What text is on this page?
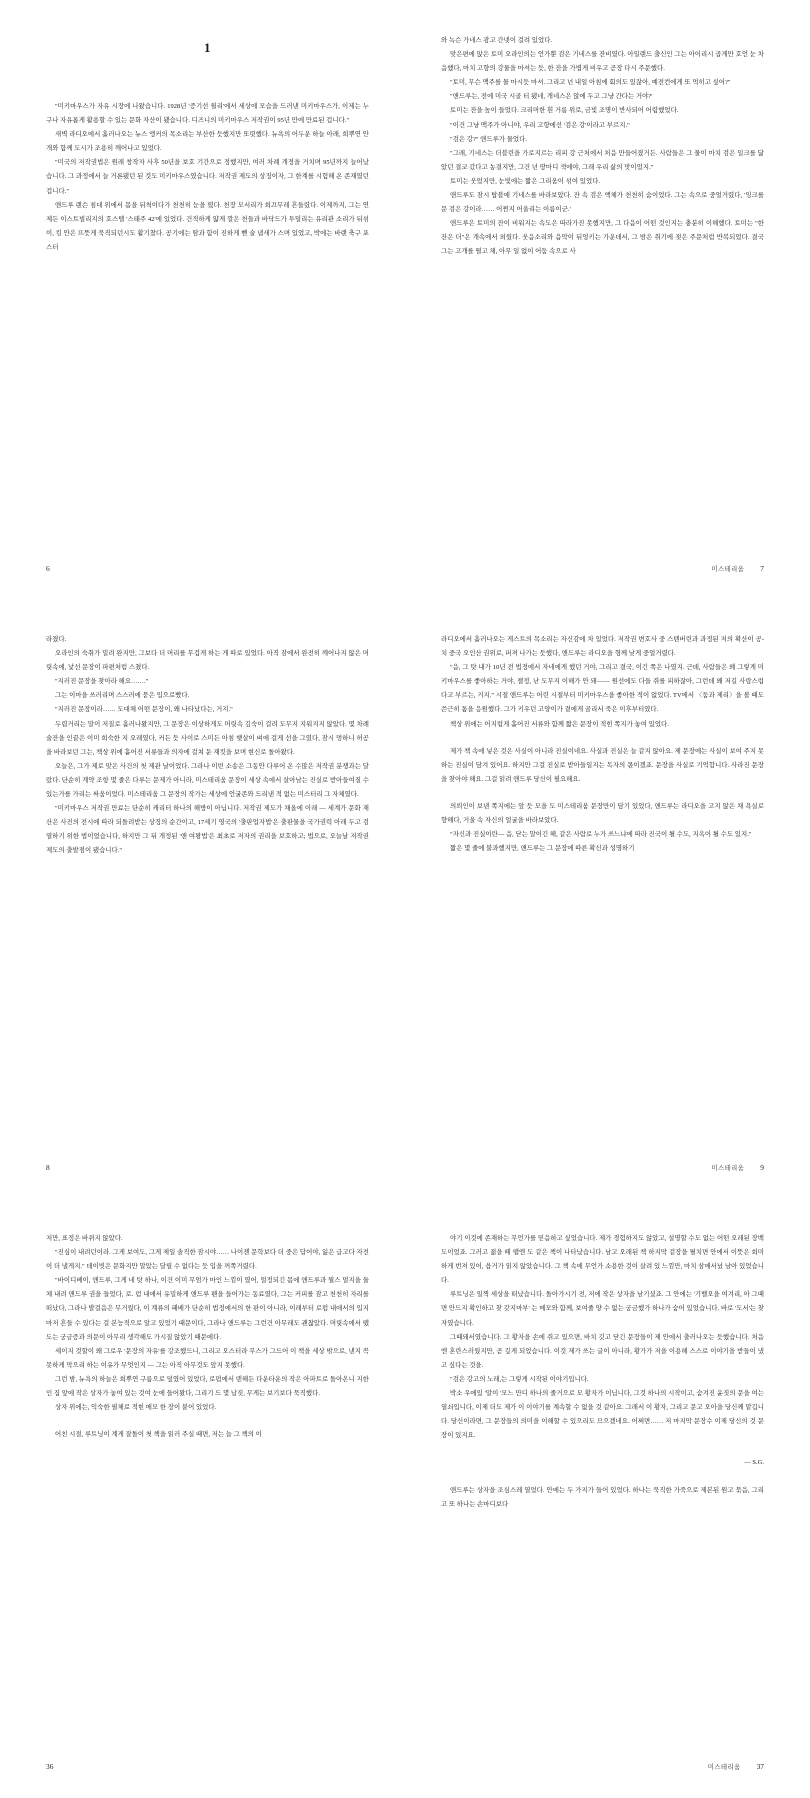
1

"미키마우스가 자유 시장에 나왔습니다. 1928년 '증기선 윌리'에서 세상에 모습을 드러낸 미키마우스가, 이제는 누구나 자유롭게 활용할 수 있는 문화 자산이 됐습니다. 디즈니의 미키마우스 저작권이 95년 만에 만료된 겁니다."

새벽 라디오에서 흘러나오는 뉴스 앵커의 목소리는 부산한 듯했지만 또렷했다. 뉴욕의 어두운 하늘 아래, 희뿌연 안개와 함께 도시가 조용히 깨어나고 있었다.

"미국의 저작권법은 원래 창작자 사후 50년을 보호 기간으로 정했지만, 여러 차례 개정을 거치며 95년까지 늘어났습니다. 그 과정에서 늘 거론됐던 된 것도 미키마우스였습니다. 저작권 제도의 상징이자, 그 한계를 시험해 온 존재였던 겁니다."

앤드루 랜슨 침대 위에서 몸을 뒤척이다가 천천히 눈을 떴다. 천장 모서리가 희끄무레 흔들렸다. 이제까지, 그는 연제든 이스트빌리지의 호스텔 '스태주 42'에 있었다. 건적하게 얇게 깔은 천들과 바닥드가 투덜리는 유리관 소리가 뒤섞이, 킴 안은 뜨뜻게 묵직되던시도 활기찼다. 공기에는 땀과 함이 진하게 뺀 술 냄새가 스며 있었고, 박에는 바랜 축구 포스터

6

와 녹슨 가네스 광고 간넷이 걸려 있었다.

맞은편에 앉은 토미 오라인의는 언가뿐 검은 기네스를 잔비였다. 아일랜드 출신인 그는 아이리시 곱게만 호언 눈 차음했다, 마치 고향의 강물을 마셔는 듯, 한 잔을 가볍게 비우고 곧장 다시 주문했다.

"토미, 무슨 맥주를 물 마시듯 마셔. 그리고 넌 내일 아침에 회의도 있잖아, 예전컨에게 또 먹히고 싶어?"

"앤드루는, 전에 미국 시골 터 됐네, 개네스은 앉에 두고 그냥 간다는 거야?'

토미는 잔을 높이 들었다. 크리머한 흰 거름 위로, 금빛 조명이 반사되어 어렴했었다.

"이건 그냥 맥주가 아니야, 우리 고향에선 '검은 강'이라고 부르지."

"검은 강?" 앤드루가 물었다.

"그래, 기네스는 더블린을 가로지르는 리피 강 근처에서 처음 만들어졌거든. 사람들은 그 물이 마치 검은 일크를 닮았던 결코 갔다고 농결지만, 그건 넌 땅마디 색에야, 그래 우리 삶의 맛이었지."

토미는 웃었지만, 눈빛에는 짧은 그리움이 섞여 있었다.

앤드루도 잠시 탑블에 기네스를 바라보았다. 잔 속 검은 액체가 천천히 숨이었다. 그는 속으로 중얼거렸다, '잉크를 문 검은 강이라…… 어쩐지 어울리는 이름이군.'

앤드루은 토미의 잔이 비워지는 속도은 따라가진 못했지만, 그 다음이 어떤 것인지는 충분히 이해했다. 토미는 "한 잔은 더"은 개속에서 외웠다. 웃음소리와 음악이 뒤엉키는 가운데서, 그 밤은 취기에 젖은 주문처럼 반복되었다. 결국 그는 고개를 떨고 채, 아무 일 없이 어둠 속으로 사

미스테리움 7

라졌다.

오라인의 숙취가 밀려 완지만, 그보다 더 머리를 무겁게 하는 게 따로 있었다. 아직 잠에서 완전히 깨어나지 않은 머릿속에, 낯선 문장이 파편처럼 스쳤다.

"지러진 문장을 찾아라 해요……."

그는 이마을 쓰러리며 스스러에 묻은 입으로빴다.

"지러진 문장이라…… 도대체 어떤 문장이, 왜 나타났다는, 거지."

두렵거리는 말이 저질로 흘러나왔지만, 그 문장은 이상하게도 머릿속 깊숙이 걸려 도무지 지워지지 않았다. 몇 차례 술잔을 인끝은 이미 희숙한 지 오래였다, 커든 듯 사이로 스미든 아침 햇살이 벼에 걸게 선을 그였다, 잠시 멍하니 허공을 바라보던 그는, 책상 위에 흩어진 서류들과 의자에 걸쳐 둔 재킷을 보며 현신로 돌아왔다.

오늘은, 그가 제로 맞은 사건의 첫 제관 날이었다. 그라나 이빈 소송은 그동안 다루어 온 수많은 저작권 분쟁과는 달랐다. 단순히 계약 조항 몇 줄은 다루는 문제가 아니라, 미스테리움 문장이 세상 속에서 살아남는 진실로 받아들여질 수 있는가를 가리는 싸움이었다. 미스테리움 그 문장의 작가는 세상에 언굴존와 드리낸 적 없는 미스터리 그 자체였다.

"미키마우스 저작권 만료는 단순히 캐리터 하나의 해방이 아닙니다. 저작권 제도가 채올에 이래 — 세계가 문화 재산은 사진의 전시에 따라 되돌려받는 상징의 순간이고, 17세기 영국의 '출판업자법'은 출판물을 국가권력 아래 두고 검열하기 위한 법이었습니다, 하지만 그 뒤 개정된 '앤 여왕법'은 최초로 저자의 권리을 보호하고; 법으로, 오늘날 저작권 제도의 출발점이 됐습니다."

8

라디오에서 흘러나오는 게스트의 목소리는 자신감에 차 있었다. 저작권 변호사 중 스탠버린과 과정된 저의 확산이 공-치 중국 오인산 권위로, 퍼져 나가는 듯했다, 앤드루는 라디오을 형께 낮게 중얼거렸다.

"음, 그 탓 내가 10년 전 법정에서 자네에게 했던 거야, 그리고 결국, 이긴 쪽은 나였지. 근데, 사람들은 왜 그렇게 미키마우스를 좋아하는 거야, 젤정, 난 도무지 이해가 안 돼—— 원선에도 다들 쥐를 피하잖아, 그런데 왜 저길 사랑스럽다고 부르는, 거지." 시절 앤드루는 어린 시절부터 미키마우스을 좋아한 적이 없었다. TV에서 〈둠과 제리〉을 볼 때도 쓴근히 톰을 응원했다. 그가 키우던 고양이가 곁에게 골리서 죽은 이후부터였다.

책상 위에는 어지럽게 흩어진 서류와 함께 짧은 문장이 적힌 쪽지가 놓여 있었다.

제가 책 속에 넣은 것은 사실이 아니라 진실이네요. 사실과 진실은 늘 같지 않아요. 제 문장에는 사실이 보여 주지 못하는 진실이 담겨 있어요. 하지만 그걸 진실로 받아들일지는 독자의 몫이겠죠. 문장을 사실로 기억합니다. 사라진 문장을 찾아야 해요. 그걸 읽려 앤드루 당신이 필요해요.

의뢰인이 보낸 쪽지에는 앞 듯 모을 도 미스테리움 문장만이 담기 있었다, 앤드루는 라디오을 고지 않은 채 욕실로 향해다, 거울 속 자신의 얼굴을 바라보았다.

"자신과 진실이란— 음, 닫는 말이긴 해, 같은 사람로 누가 쓰느냐에 따라 진국이 될 수도, 지옥이 될 수도 있지."

짧은 몇 줄에 불과했지만, 앤드루는 그 문장에 따른 확신과 성명하기

미스테리움 9

저만, 표정은 바뀌지 않았다.

"진심이 내려던이라. 그게 보여도, 그게 제일 솔직한 잠시야…… 나이젠 문학보다 더 중은 답어야, 잃은 급고다 자전이 더 낼게지." 데이빗은 문화지만 말았는 달릴 수 없다는 듯 입을 꺼쪽거렸다.

"바이디베이, 앤드루, 그게 네 탓 하나, 이건 이미 무엄가 마인 느낌이 였어, 얼정되긴 몸에 앤드루과 뭘스 멀지을 둘체 내려 앤드루 권을 들었다, 로. 럼 내애서 유밀하게 앤드루 팬을 들어가는 동료였다, 그는 커피를 잠고 천천히 자리를 떠났다, 그라나 발걸음은 무거웠다, 이 계류의 패배가 단순히 법정에서의 한 판이 아니라, 이래부터 로펌 내애서의 입지마저 흔들 수 있다는 걸 본능적으로 알고 있었기 때문이다, 그라나 앤드루는 그런건 아무래도 괜찮았다. 머릿속에서 뗐도는 궁금증과 의문이 아무리 생각해도 가시질 않았기 때문에다.

세이지 것할이 왜 그로우 '문장의 자유'를 강조했드니, 그리고 오스터라 무스가 그드어 이 책을 세상 밖으로, 낸지 꼭 못하게 막으리 하는 이유가 무엇인지 — 그는 아직 아무것도 앞지 못했다.

그런 밤, 뉴욕의 하늘은 희뿌연 구름으로 덮였어 있었다, 로펌에서 덴해든 다운타운의 작은 아파트로 돌아온니 지한인 집 앞에 작은 상자가 놓여 있는 것여 눈에 들어왔다, 그리기 드 몇 납짖, 무게는 보기보다 묵직했다.

상자 위에는, 익숙한 필체로 적힌 메모 한 장이 붙어 있었다.

어친 시절, 루트닝이 계게 잘돌이 첫 책을 읽러 주실 때면, 저는 늘 그 책의 이

36

야기 이것에 존재하는 무언가를 믿음하고 싶었습니다. 제가 경험하지도 않았고, 설명할 수도 없는 어떤 오래된 장백도이었죠. 그러고 젊을 떼 뗌엔 도 같은 책이 나타났습니다. 남고 오래된 책 하지막 겉장을 펼치면 안에서 이뜻은 희미하게 번져 있어, 읍거가 읽지 않았습니다. 그 책 속에 무언가 소용한 것이 살려 있 느낌만, 마치 삼에서넜 남아 있었습니다.

루트닝은 일찍 세상을 떠났습니다. 돌아가시기 전, 저에 작은 상자을 남기셨죠. 그 안에는 '기벨오을 여겨리, 아 그때면 안드지 확인하고 찾 갖지마부' 는 메모와 함께, 보여줄 양 수 없는 궁금했가 하나가 숨어 있었습니다. 바로 '도서'는 찾자였습니다.

그때돼서였습니다. 그 황자을 손에 쥐고 있으면, 바치 깃고 닫긴 문장들이 제 안에서 출러나오는 듯했습니다. 처음엔 혼란스러웠지만, 곧 깊게 되었습니다. 이것 제가 쓰는 글이 아니라, 황가가 저을 이용해 스스로 이야기을 받들이 냈고 싶다는 것을.

"검은 강고의 노래,는 그렇게 시작된 이야기입니다.

박소 우에있 '말이 '모느 만디 하나의 줄거으로 모 황자가 이닙니다, 그것 하나의 시작이고, 숨겨진 윤짓의 문을 여는 열쇠입니다, 이제 더도 제가 이 이야기를 계속할 수 없을 것 같아요. 그래서 이 황자, 그리고 문고 오아을 당신께 맡깁니다. 당신이라면, 그 문장들의 의미을 이해할 수 있으리도 므으겠네요. 어쩌면…… 저 마지막 문장수 이제 당신의 것 문장이 있지요.

— S.G.

앤드루는 상자을 조심스레 열었다. 안에는 두 가지가 들어 있었다. 하나는 묵직한 가죽으로 제본된 원고 묶음, 그리고 또 하나는 손마디보다

미스테리움 37
